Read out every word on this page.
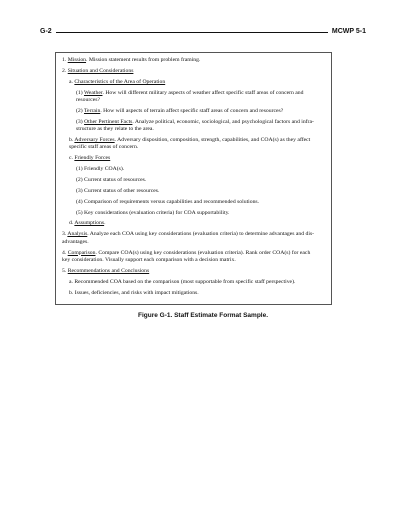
G-2	MCWP 5-1
1. Mission. Mission statement results from problem framing.
2. Situation and Considerations
a. Characteristics of the Area of Operation
(1) Weather. How will different military aspects of weather affect specific staff areas of concern and
resources?
(2) Terrain. How will aspects of terrain affect specific staff areas of concern and resources?
(3) Other Pertinent Facts. Analyze political, economic, sociological, and psychological factors and infra-
structure as they relate to the area.
b. Adversary Forces. Adversary disposition, composition, strength, capabilities, and COA(s) as they affect
specific staff areas of concern.
c. Friendly Forces
(1) Friendly COA(s).
(2) Current status of resources.
(3) Current status of other resources.
(4) Comparison of requirements versus capabilities and recommended solutions.
(5) Key considerations (evaluation criteria) for COA supportability.
d. Assumptions.
3. Analysis. Analyze each COA using key considerations (evaluation criteria) to determine advantages and dis-
advantages.
4. Comparison. Compare COA(s) using key considerations (evaluation criteria). Rank order COA(s) for each
key consideration. Visually support each comparison with a decision matrix.
5. Recommendations and Conclusions
a. Recommended COA based on the comparison (most supportable from specific staff perspective).
b. Issues, deficiencies, and risks with impact mitigations.
Figure G-1. Staff Estimate Format Sample.
